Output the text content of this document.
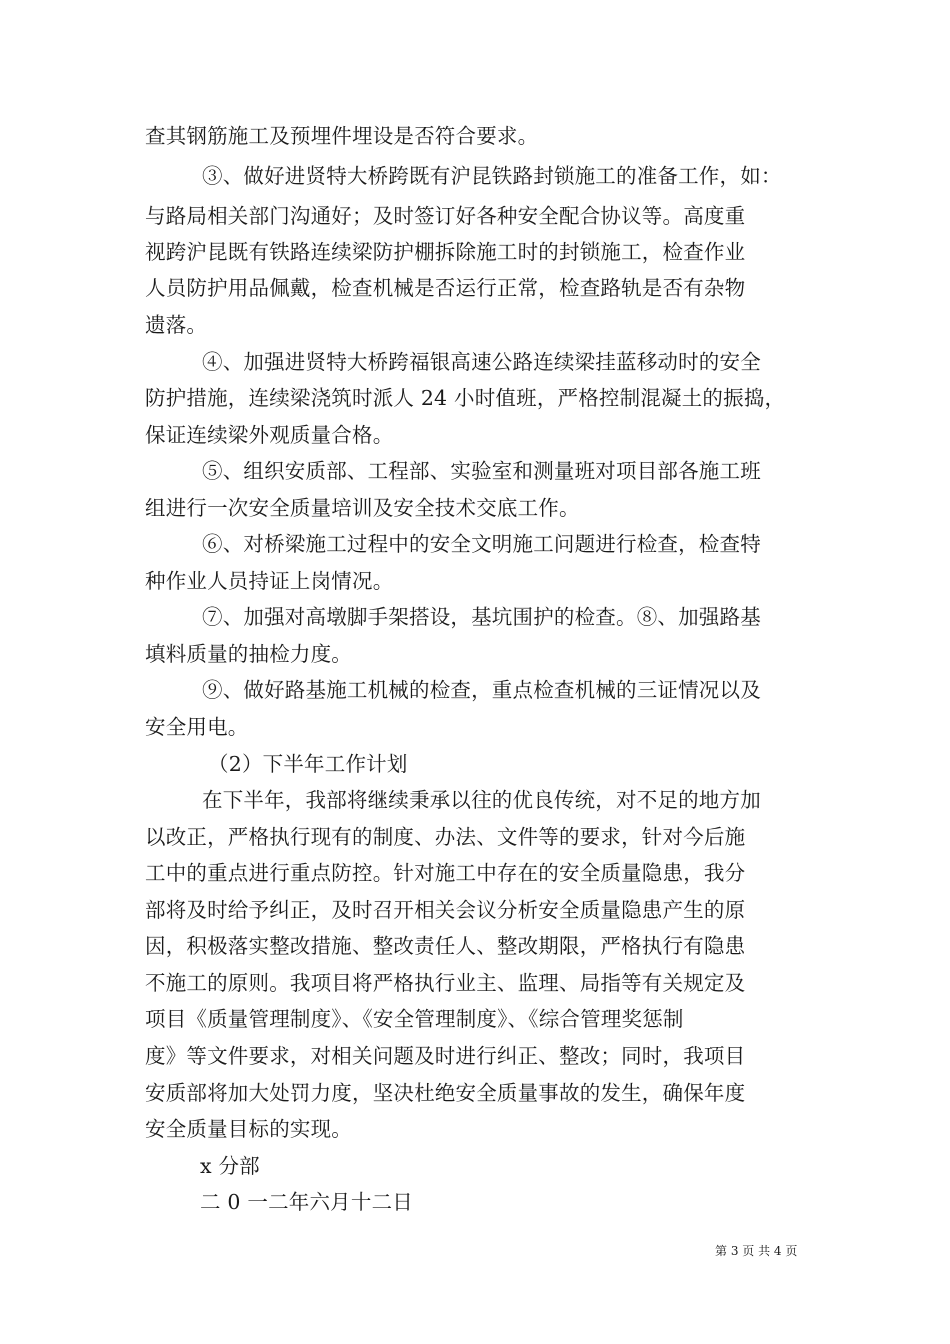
查其钢筋施工及预埋件埋设是否符合要求。
③、做好进贤特大桥跨既有沪昆铁路封锁施工的准备工作，如：
与路局相关部门沟通好；及时签订好各种安全配合协议等。高度重
视跨沪昆既有铁路连续梁防护棚拆除施工时的封锁施工，检查作业
人员防护用品佩戴，检查机械是否运行正常，检查路轨是否有杂物
遗落。
④、加强进贤特大桥跨福银高速公路连续梁挂蓝移动时的安全
防护措施，连续梁浇筑时派人 24 小时值班，严格控制混凝土的振捣，
保证连续梁外观质量合格。
⑤、组织安质部、工程部、实验室和测量班对项目部各施工班
组进行一次安全质量培训及安全技术交底工作。
⑥、对桥梁施工过程中的安全文明施工问题进行检查，检查特
种作业人员持证上岗情况。
⑦、加强对高墩脚手架搭设，基坑围护的检查。⑧、加强路基
填料质量的抽检力度。
⑨、做好路基施工机械的检查，重点检查机械的三证情况以及
安全用电。
（2）下半年工作计划
在下半年，我部将继续秉承以往的优良传统，对不足的地方加
以改正，严格执行现有的制度、办法、文件等的要求，针对今后施
工中的重点进行重点防控。针对施工中存在的安全质量隐患，我分
部将及时给予纠正，及时召开相关会议分析安全质量隐患产生的原
因，积极落实整改措施、整改责任人、整改期限，严格执行有隐患
不施工的原则。我项目将严格执行业主、监理、局指等有关规定及
项目《质量管理制度》、《安全管理制度》、《综合管理奖惩制
度》等文件要求，对相关问题及时进行纠正、整改；同时，我项目
安质部将加大处罚力度，坚决杜绝安全质量事故的发生，确保年度
安全质量目标的实现。
x 分部
二 0 一二年六月十二日
第 3 页 共 4 页
